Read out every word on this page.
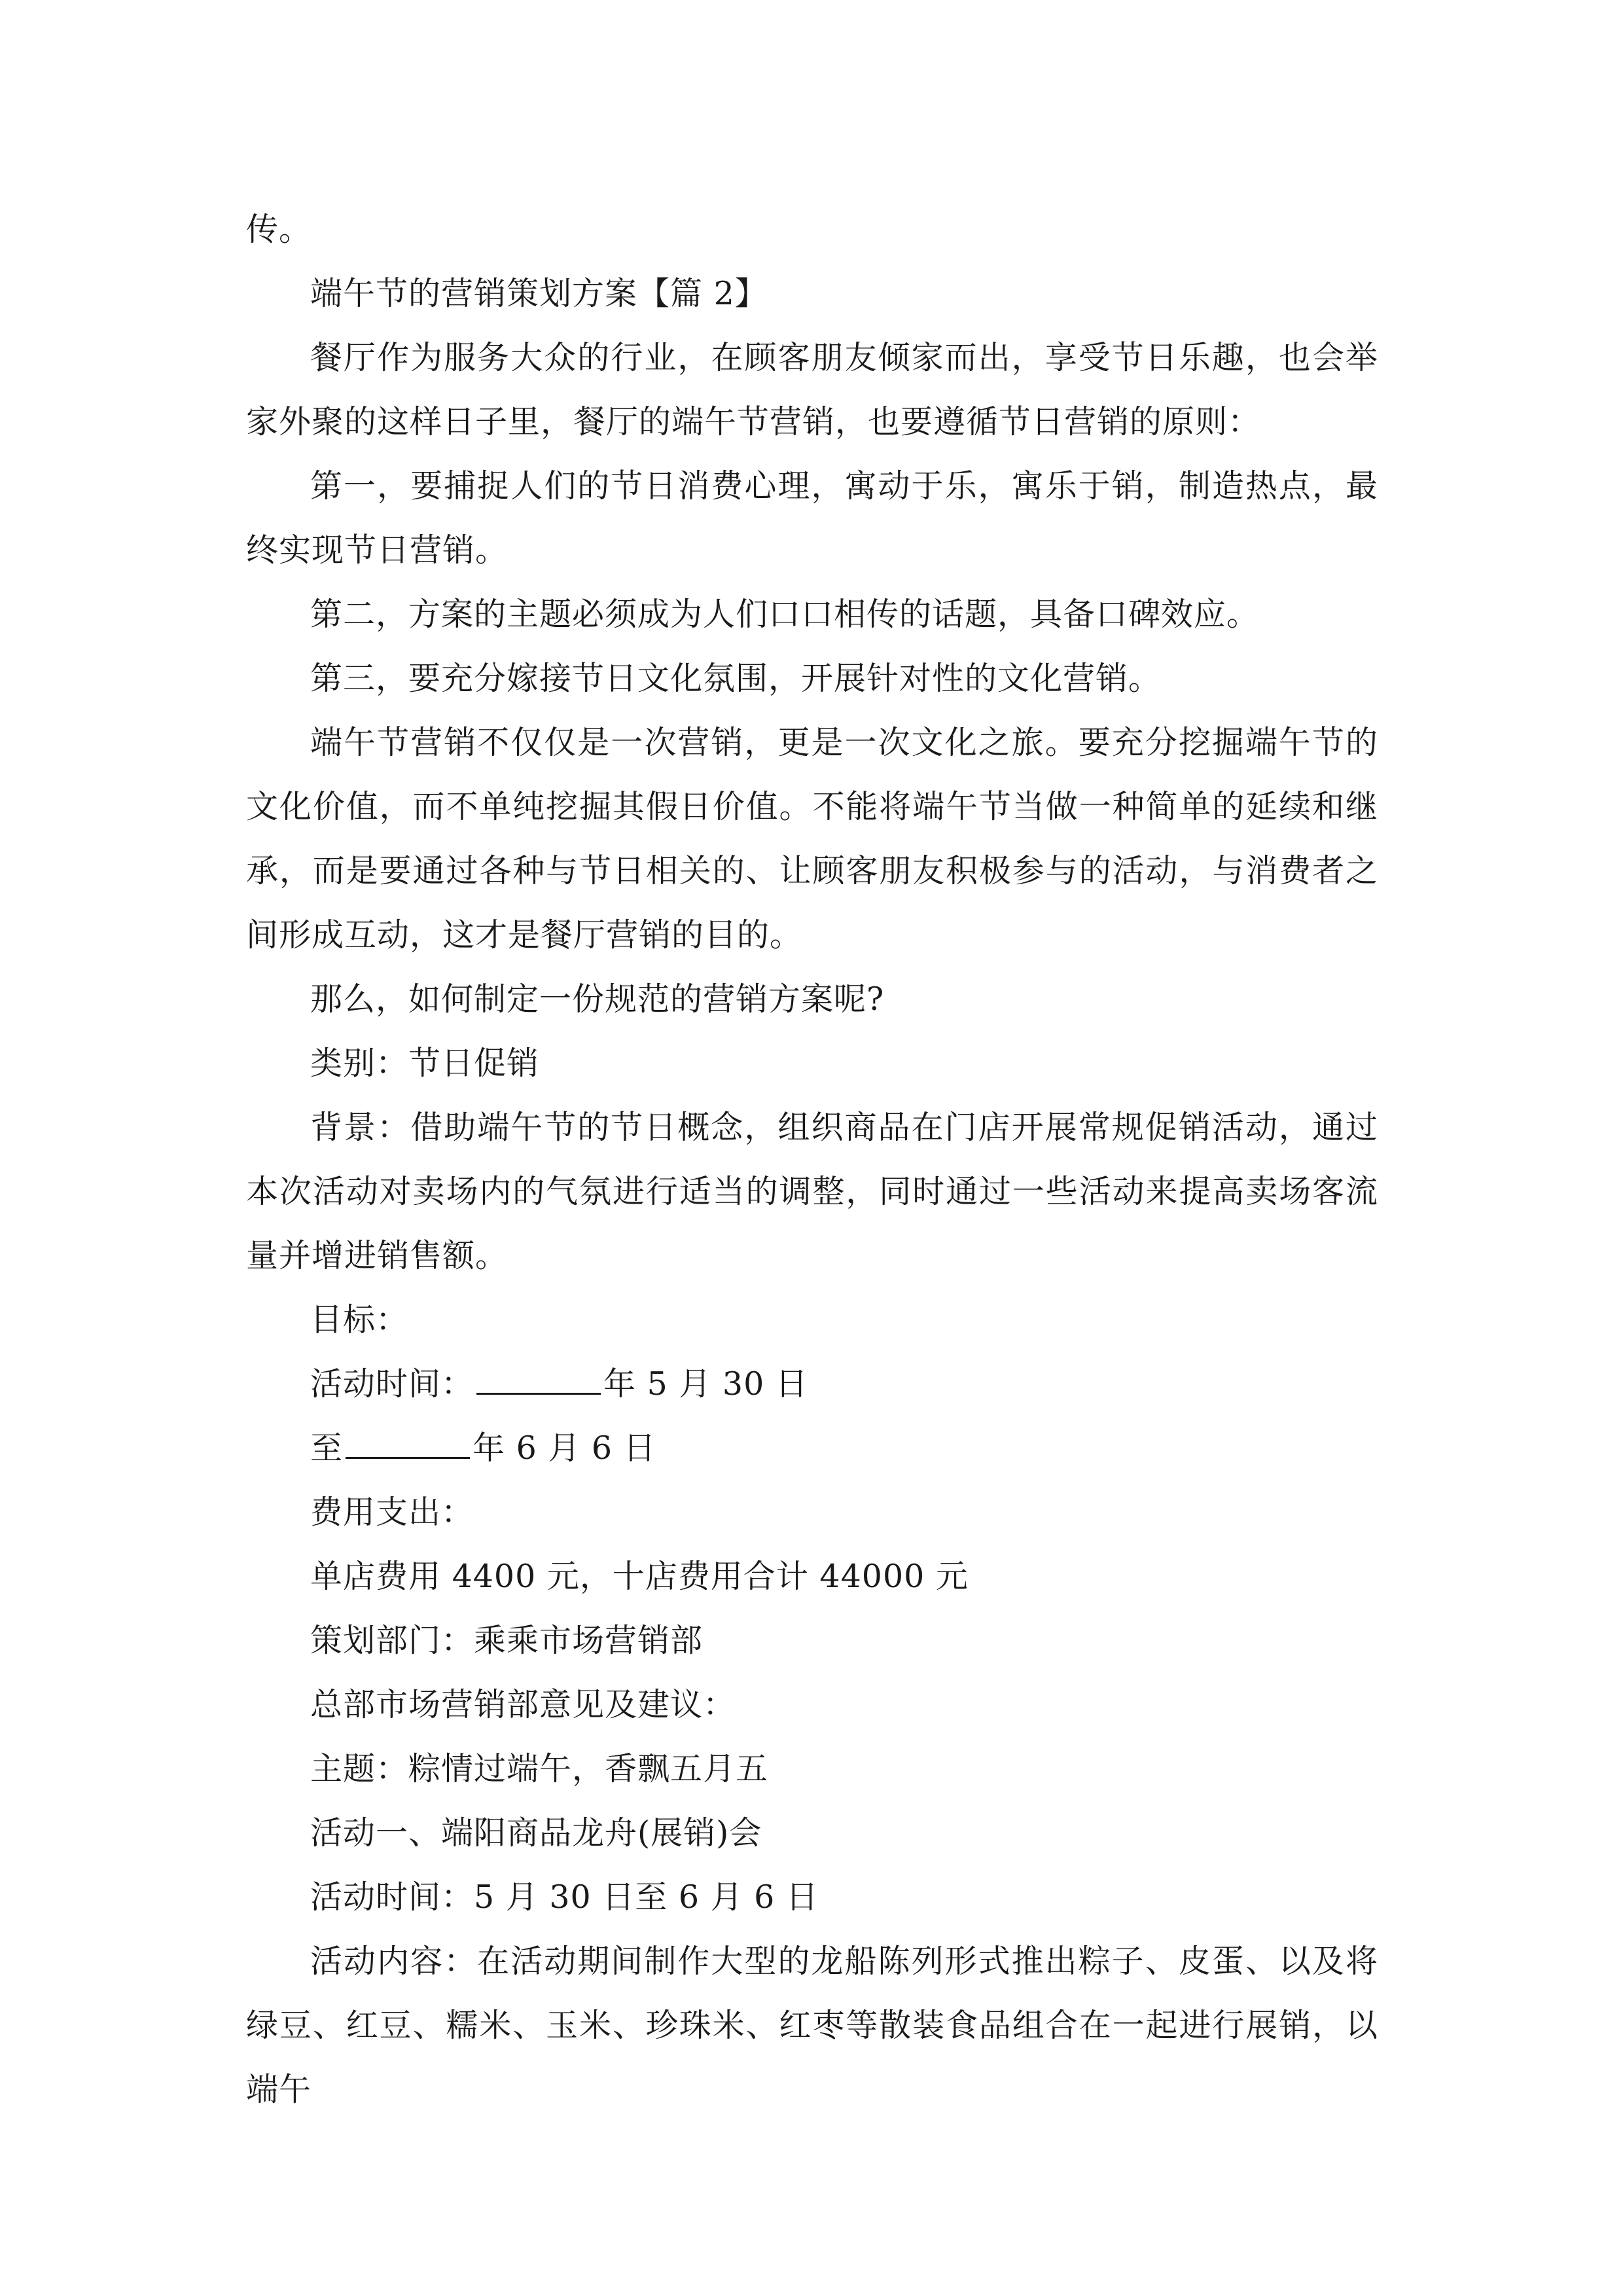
传。

端午节的营销策划方案【篇 2】

餐厅作为服务大众的行业，在顾客朋友倾家而出，享受节日乐趣，也会举家外聚的这样日子里，餐厅的端午节营销，也要遵循节日营销的原则：

第一，要捕捉人们的节日消费心理，寓动于乐，寓乐于销，制造热点，最终实现节日营销。

第二，方案的主题必须成为人们口口相传的话题，具备口碑效应。

第三，要充分嫁接节日文化氛围，开展针对性的文化营销。

端午节营销不仅仅是一次营销，更是一次文化之旅。要充分挖掘端午节的文化价值，而不单纯挖掘其假日价值。不能将端午节当做一种简单的延续和继承，而是要通过各种与节日相关的、让顾客朋友积极参与的活动，与消费者之间形成互动，这才是餐厅营销的目的。

那么，如何制定一份规范的营销方案呢?

类别：节日促销

背景：借助端午节的节日概念，组织商品在门店开展常规促销活动，通过本次活动对卖场内的气氛进行适当的调整，同时通过一些活动来提高卖场客流量并增进销售额。

目标：

活动时间：	年 5 月 30 日

至	年 6 月 6 日

费用支出：

单店费用 4400 元，十店费用合计 44000 元

策划部门：乘乘市场营销部

总部市场营销部意见及建议：

主题：粽情过端午，香飘五月五

活动一、端阳商品龙舟(展销)会

活动时间：5 月 30 日至 6 月 6 日

活动内容：在活动期间制作大型的龙船陈列形式推出粽子、皮蛋、以及将绿豆、红豆、糯米、玉米、珍珠米、红枣等散装食品组合在一起进行展销，以端午
